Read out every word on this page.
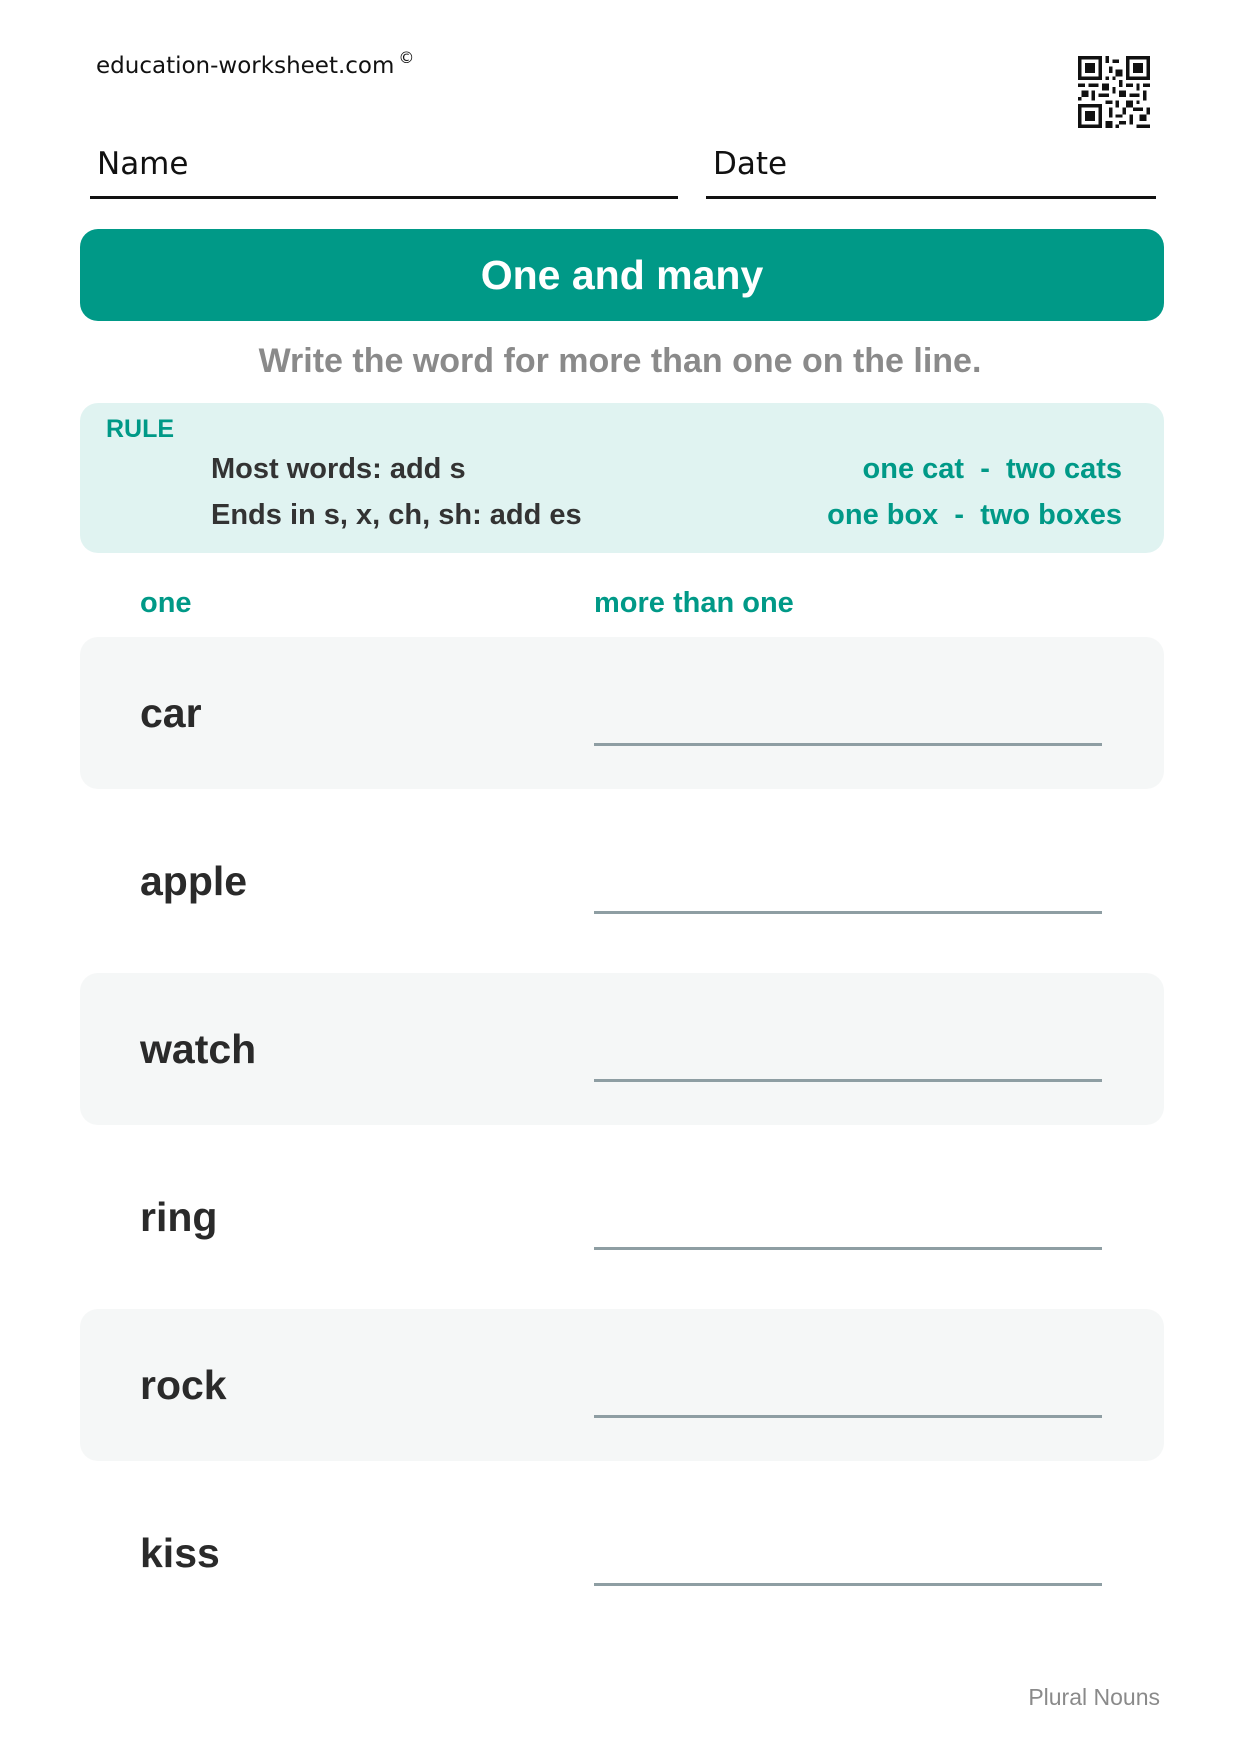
education-worksheet.com ©
Name	Date
One and many
Write the word for more than one on the line.
RULE
Most words: add s	one cat  -  two cats
Ends in s, x, ch, sh: add es	one box  -  two boxes
one	more than one
car
apple
watch
ring
rock
kiss
Plural Nouns
